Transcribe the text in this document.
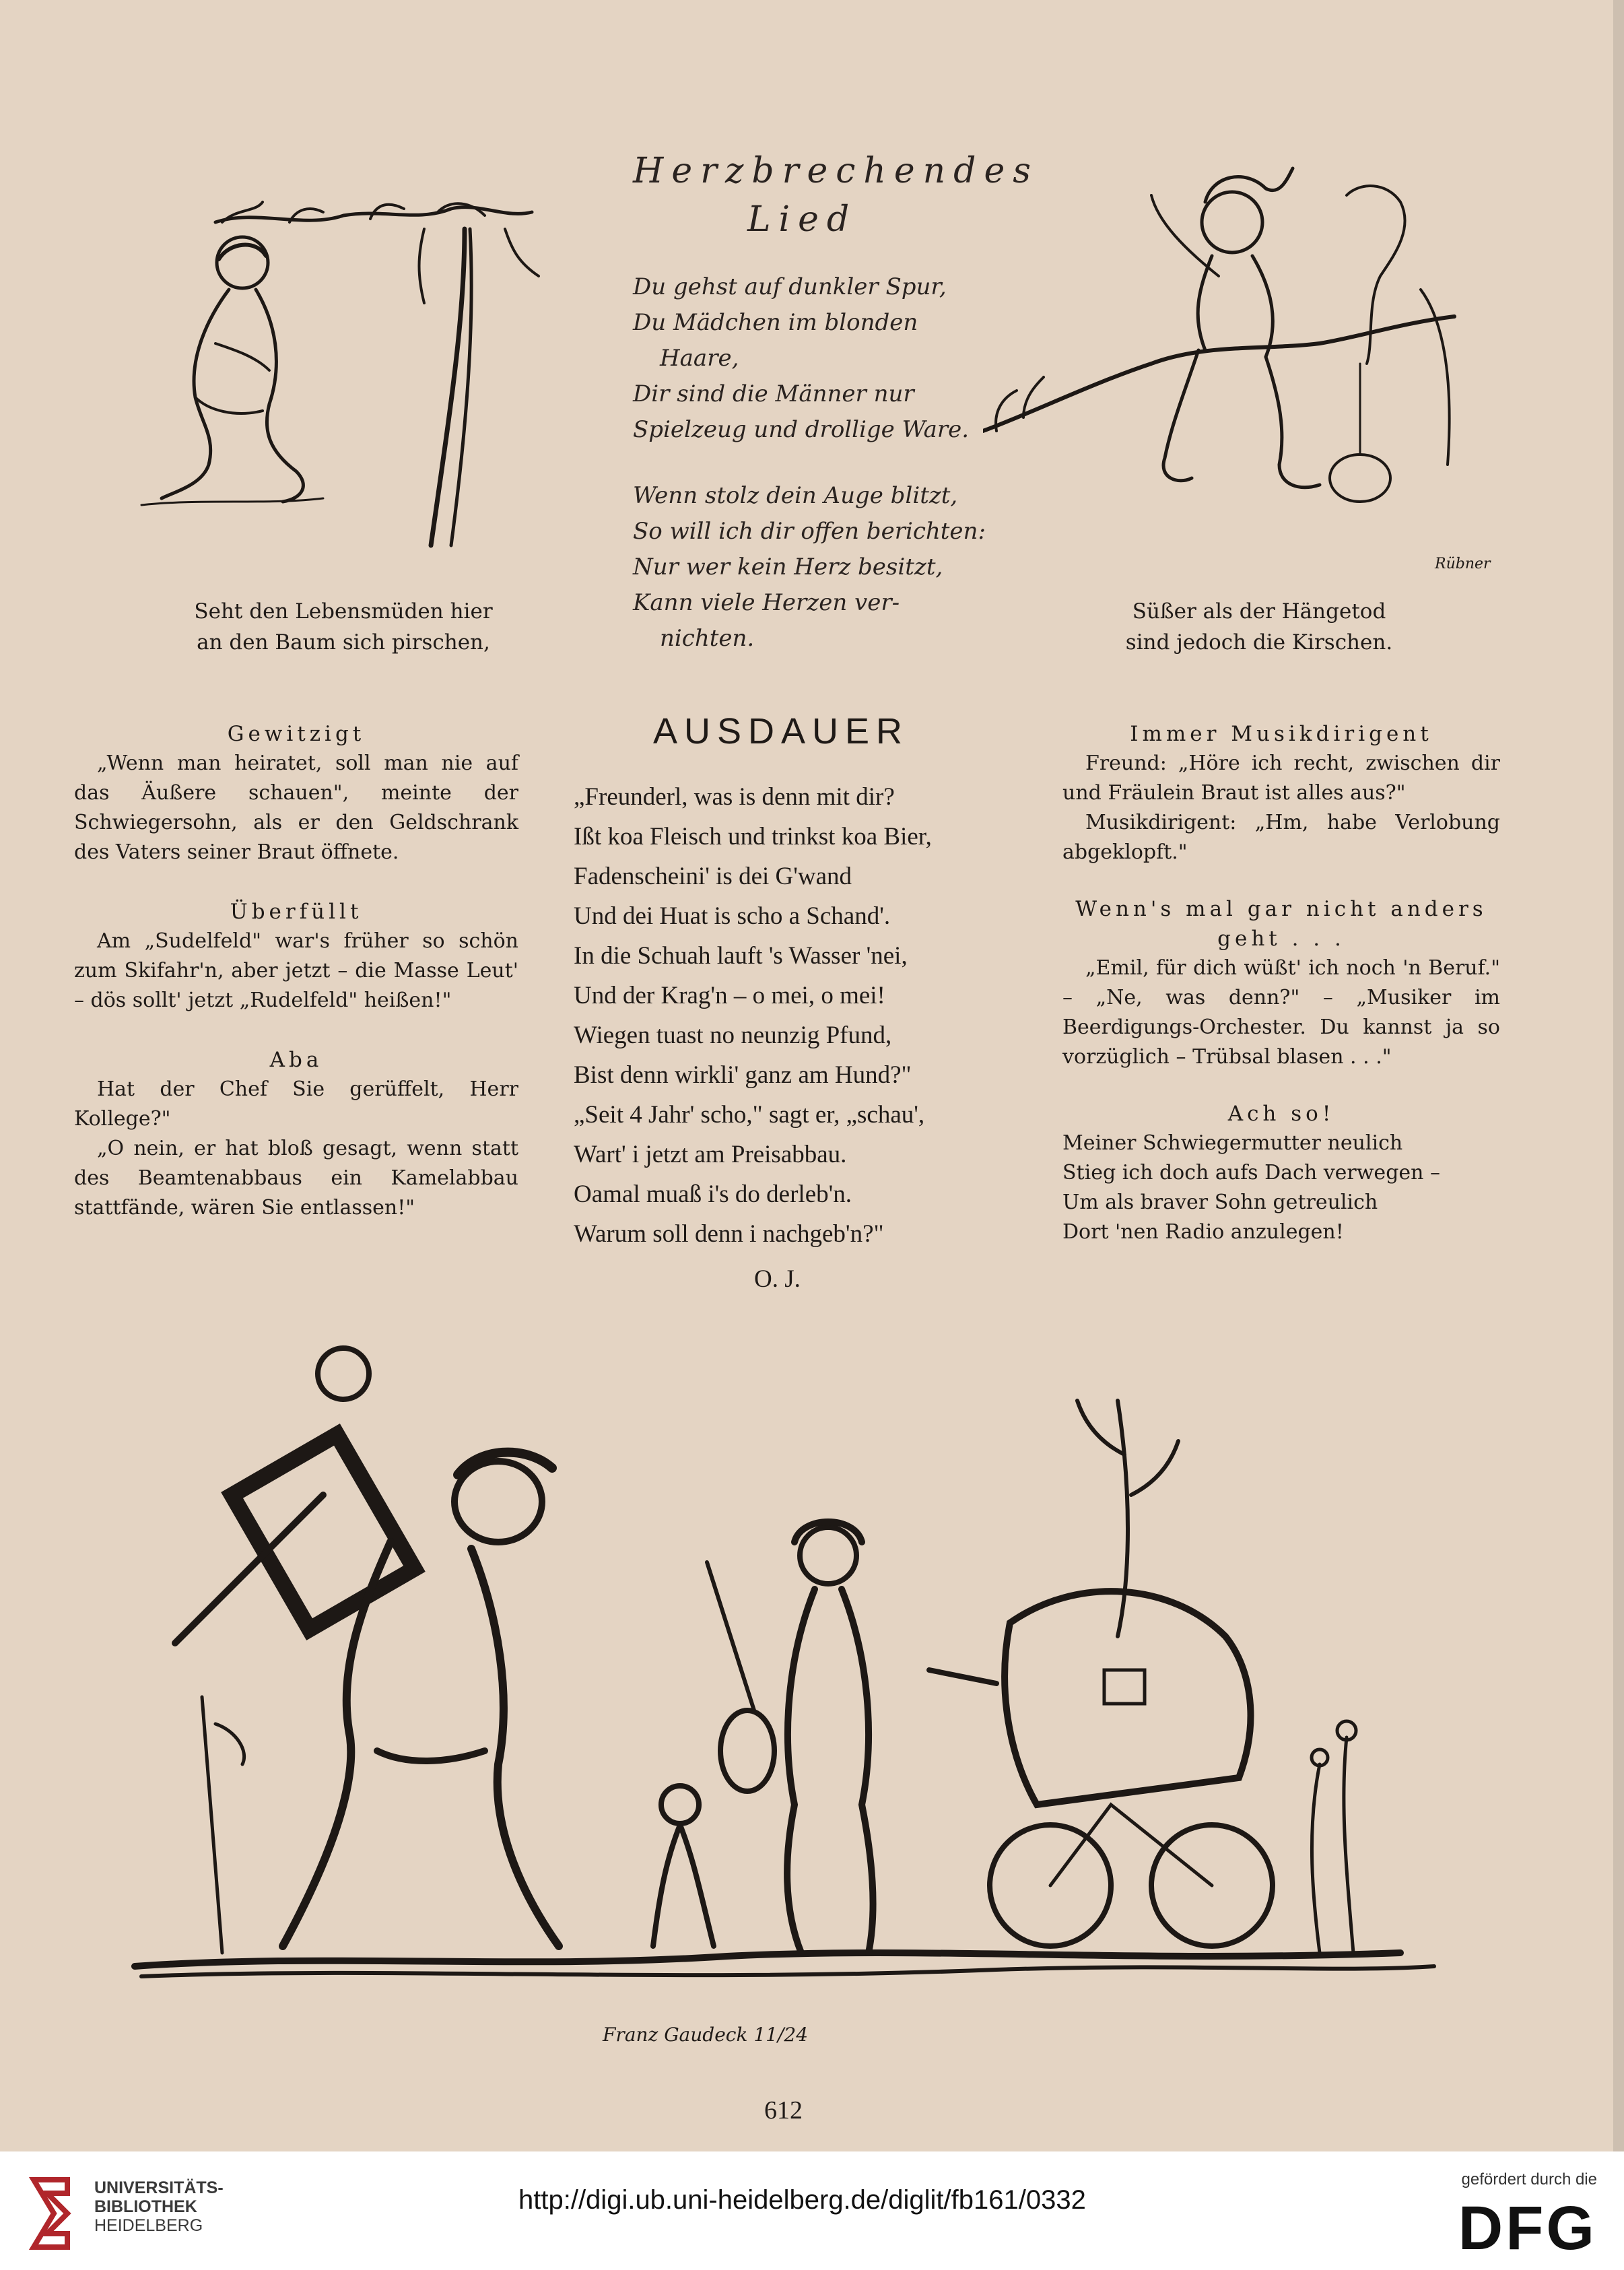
Rübner
Herzbrechendes
Lied
Du gehst auf dunkler Spur,
Du Mädchen im blonden
Haare,
Dir sind die Männer nur
Spielzeug und drollige Ware.
Wenn stolz dein Auge blitzt,
So will ich dir offen berichten:
Nur wer kein Herz besitzt,
Kann viele Herzen ver-
nichten.
Seht den Lebensmüden hier
an den Baum sich pirschen,
Süßer als der Hängetod
sind jedoch die Kirschen.
Gewitzigt

„Wenn man heiratet, soll man nie auf das Äußere schauen", meinte der Schwiegersohn, als er den Geldschrank des Vaters seiner Braut öffnete.

Überfüllt

Am „Sudelfeld" war's früher so schön zum Skifahr'n, aber jetzt – die Masse Leut' – dös sollt' jetzt „Rudelfeld" heißen!"

Aba

Hat der Chef Sie gerüffelt, Herr Kollege?"

„O nein, er hat bloß gesagt, wenn statt des Beamtenabbaus ein Kamelabbau stattfände, wären Sie entlassen!"

AUSDAUER
„Freunderl, was is denn mit dir?
Ißt koa Fleisch und trinkst koa Bier,
Fadenscheini' is dei G'wand
Und dei Huat is scho a Schand'.
In die Schuah lauft 's Wasser 'nei,
Und der Krag'n – o mei, o mei!
Wiegen tuast no neunzig Pfund,
Bist denn wirkli' ganz am Hund?"
„Seit 4 Jahr' scho," sagt er, „schau',
Wart' i jetzt am Preisabbau.
Oamal muaß i's do derleb'n.
Warum soll denn i nachgeb'n?"
O. J.
Immer Musikdirigent

Freund: „Höre ich recht, zwischen dir und Fräulein Braut ist alles aus?"

Musikdirigent: „Hm, habe Verlobung abgeklopft."

Wenn's mal gar nicht anders geht . . .

„Emil, für dich wüßt' ich noch 'n Beruf." – „Ne, was denn?" – „Musiker im Beerdigungs-Orchester. Du kannst ja so vorzüglich – Trübsal blasen . . ."

Ach so!
Meiner Schwiegermutter neulich
Stieg ich doch aufs Dach verwegen –
Um als braver Sohn getreulich
Dort 'nen Radio anzulegen!
Franz Gaudeck 11/24
612
UNIVERSITÄTS-
BIBLIOTHEK
HEIDELBERG
http://digi.ub.uni-heidelberg.de/diglit/fb161/0332
gefördert durch die
DFG
